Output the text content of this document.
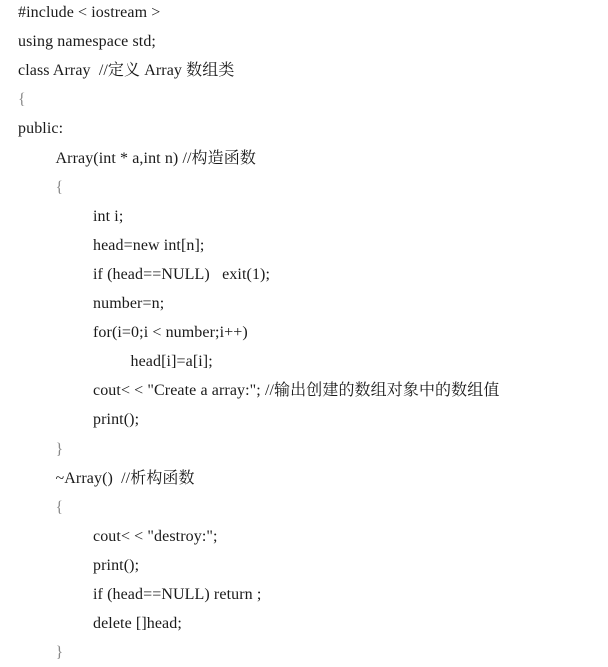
#include < iostream >
using namespace std;
class Array  //定义 Array 数组类
{
public:
Array(int * a,int n) //构造函数
{
int i;
head=new int[n];
if (head==NULL)   exit(1);
number=n;
for(i=0;i < number;i++)
head[i]=a[i];
cout< < "Create a array:"; //输出创建的数组对象中的数组值
print();
}
~Array()  //析构函数
{
cout< < "destroy:";
print();
if (head==NULL) return ;
delete []head;
}
